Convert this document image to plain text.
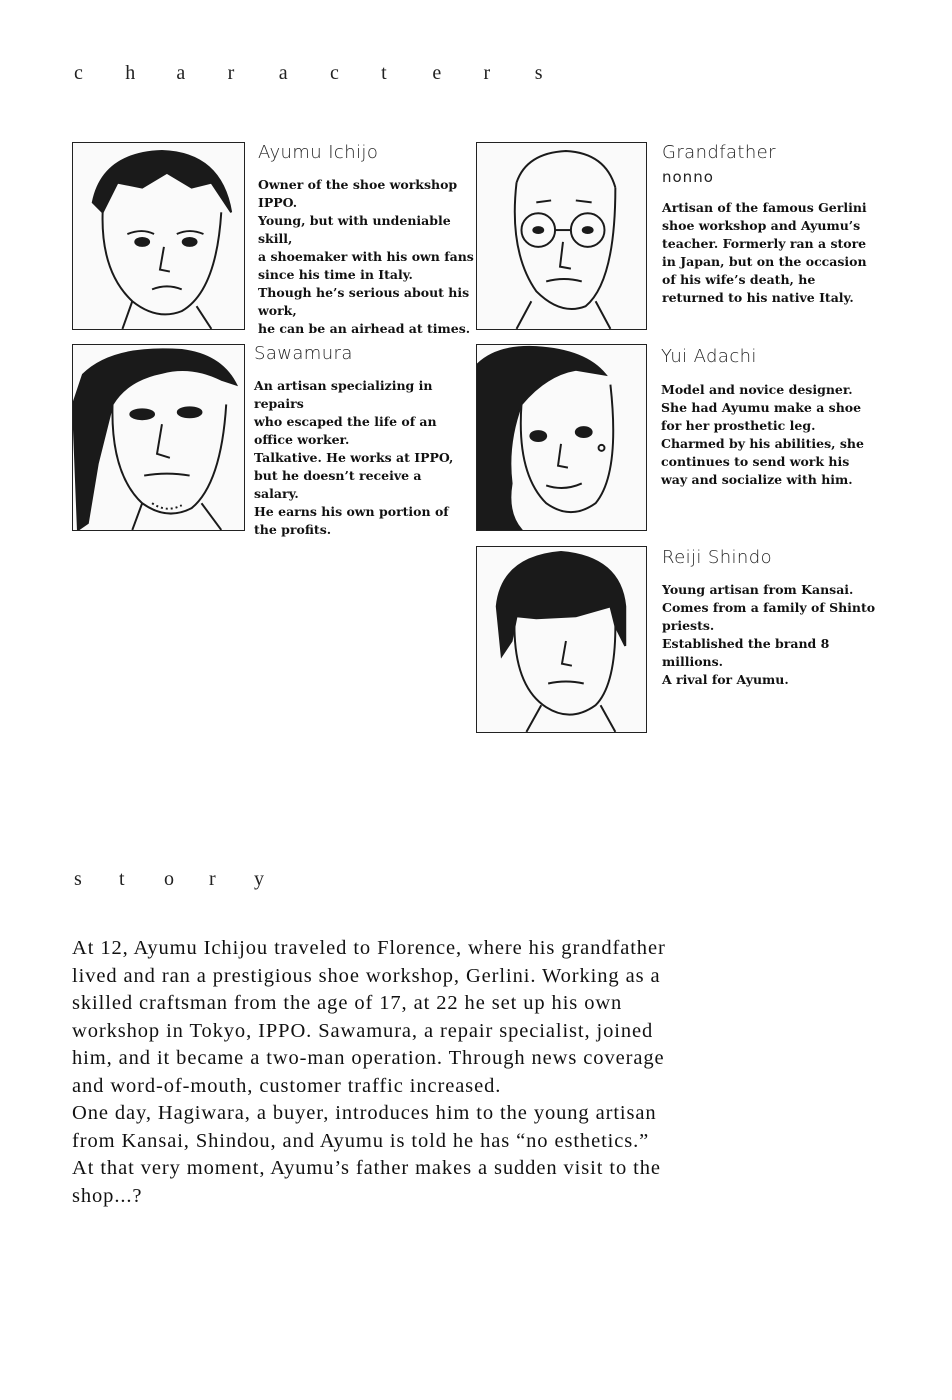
c h a r a c t e r s
Ayumu Ichijo
Owner of the shoe workshop
IPPO.
Young, but with undeniable
skill,
a shoemaker with his own fans
since his time in Italy.
Though he’s serious about his
work,
he can be an airhead at times.
Grandfather
nonno
Artisan of the famous Gerlini
shoe workshop and Ayumu’s
teacher. Formerly ran a store
in Japan, but on the occasion
of his wife’s death, he
returned to his native Italy.
Sawamura
An artisan specializing in
repairs
who escaped the life of an
office worker.
Talkative. He works at IPPO,
but he doesn’t receive a
salary.
He earns his own portion of
the profits.
Yui Adachi
Model and novice designer.
She had Ayumu make a shoe
for her prosthetic leg.
Charmed by his abilities, she
continues to send work his
way and socialize with him.
Reiji Shindo
Young artisan from Kansai.
Comes from a family of Shinto
priests.
Established the brand 8
millions.
A rival for Ayumu.
s t o r y
At 12, Ayumu Ichijou traveled to Florence, where his grandfather
lived and ran a prestigious shoe workshop, Gerlini. Working as a
skilled craftsman from the age of 17, at 22 he set up his own
workshop in Tokyo, IPPO. Sawamura, a repair specialist, joined
him, and it became a two-man operation. Through news coverage
and word-of-mouth, customer traffic increased.
One day, Hagiwara, a buyer, introduces him to the young artisan
from Kansai, Shindou, and Ayumu is told he has “no esthetics.”
At that very moment, Ayumu’s father makes a sudden visit to the
shop...?
